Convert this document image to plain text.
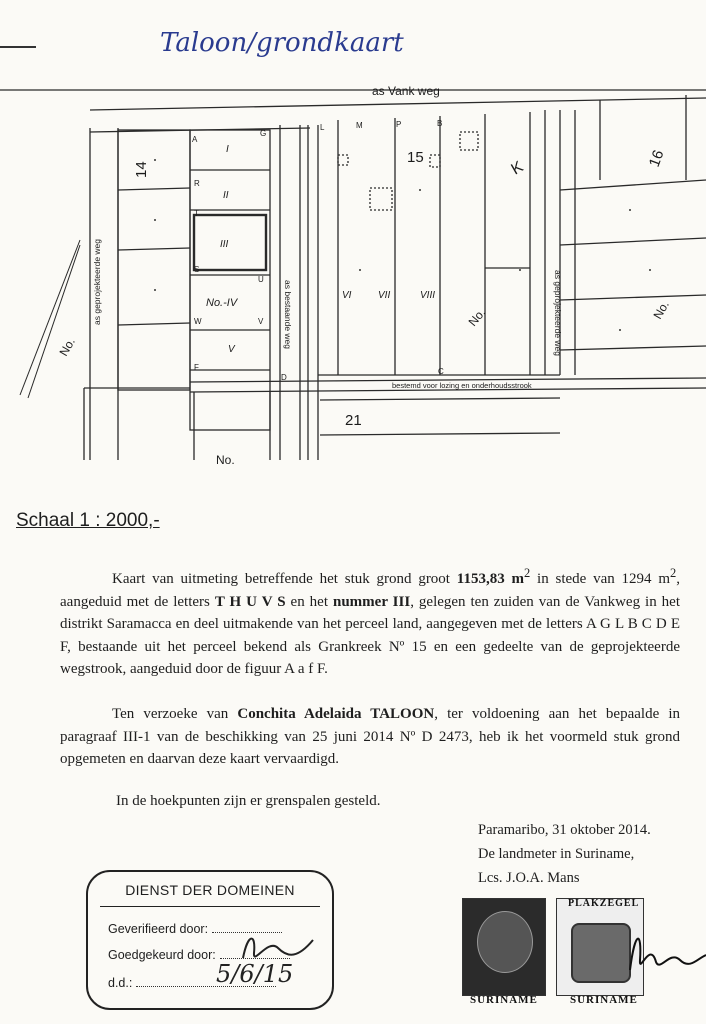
Taloon/grondkaart
as Vank weg
as geprojekteerde weg
as geprojekteerde weg	as bestaande weg
bestemd voor lozing en onderhoudsstrook
14
15	16
21
No.
No.	No.
No.
I
II
III
No.-IV
V
VI	VII	VIII
A
G
L	M	P	B
R
T
U
S
W	V
F
D
C
K
Schaal 1 : 2000,-
Kaart van uitmeting betreffende het stuk grond groot 1153,83 $m^2$ in stede van 1294 $m^2$, aangeduid met de letters T H U V S en het nummer III, gelegen ten zuiden van de Vankweg in het distrikt Saramacca en deel uitmakende van het perceel land, aangegeven met de letters A G L B C D E F, bestaande uit het perceel bekend als Grankreek Nº 15 en een gedeelte van de geprojekteerde wegstrook, aangeduid door de figuur A a f F.
Ten verzoeke van Conchita Adelaida TALOON, ter voldoening aan het bepaalde in paragraaf III-1 van de beschikking van 25 juni 2014 Nº D 2473, heb ik het voormeld stuk grond opgemeten en daarvan deze kaart vervaardigd.
In de hoekpunten zijn er grenspalen gesteld.
Paramaribo, 31 oktober 2014.
De landmeter in Suriname,
Lcs. J.O.A. Mans
DIENST DER DOMEINEN
Geverifieerd door:
Goedgekeurd door:
d.d.:	5/6/15
SURINAME
PLAKZEGEL
SURINAME
